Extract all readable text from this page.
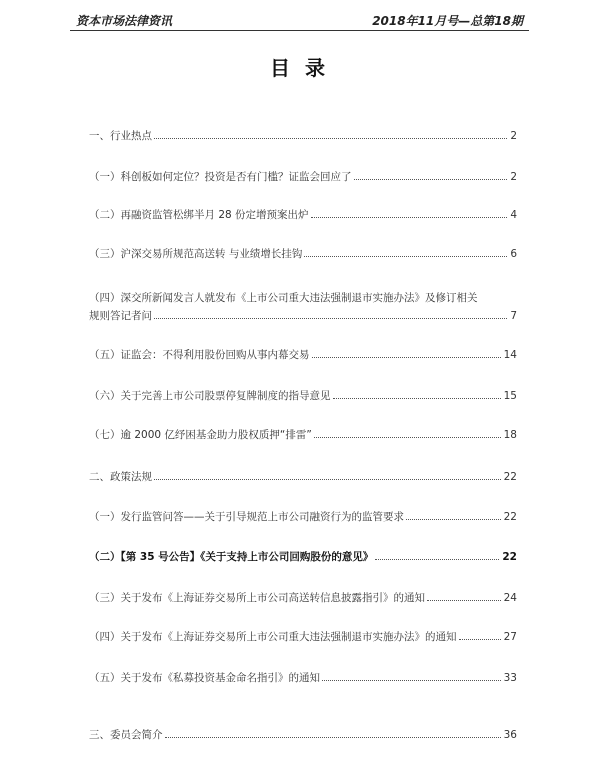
资本市场法律资讯	2018年11月号—总第18期
目 录
一、行业热点	2
（一）科创板如何定位？投资是否有门槛？证监会回应了	2
（二）再融资监管松绑半月 28 份定增预案出炉	4
（三）沪深交易所规范高送转 与业绩增长挂钩	6
（四）深交所新闻发言人就发布《上市公司重大违法强制退市实施办法》及修订相关
规则答记者问	7
（五）证监会：不得利用股份回购从事内幕交易	14
（六）关于完善上市公司股票停复牌制度的指导意见	15
（七）逾 2000 亿纾困基金助力股权质押“排雷”	18
二、政策法规	22
（一）发行监管问答——关于引导规范上市公司融资行为的监管要求	22
（二）【第 35 号公告】《关于支持上市公司回购股份的意见》	22
（三）关于发布《上海证券交易所上市公司高送转信息披露指引》的通知	24
（四）关于发布《上海证券交易所上市公司重大违法强制退市实施办法》的通知	27
（五）关于发布《私募投资基金命名指引》的通知	33
三、委员会简介	36
